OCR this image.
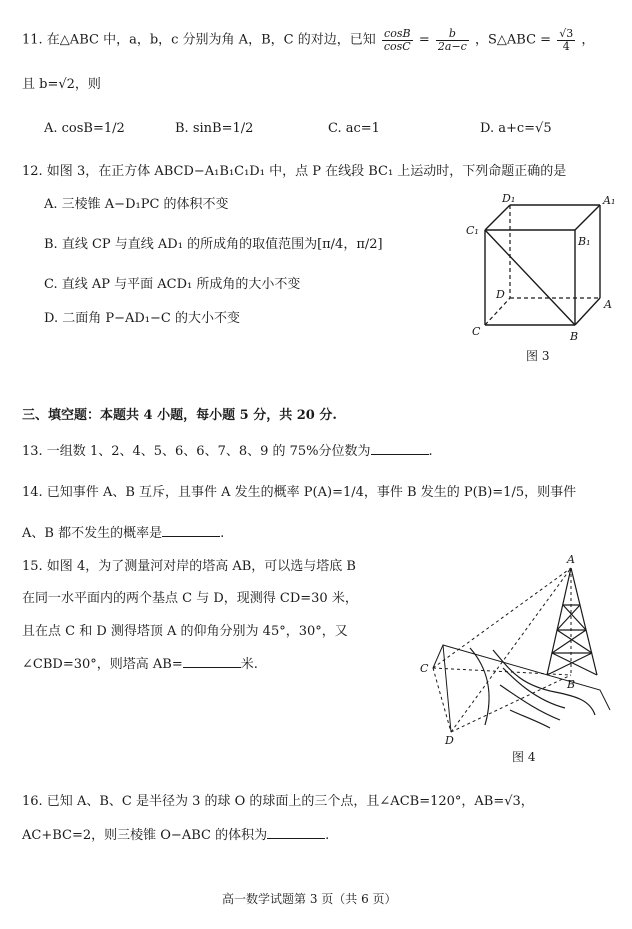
11. 在△ABC 中，a，b，c 分别为角 A，B，C 的对边，已知 $\frac{\cos B}{\cos C} = \frac{b}{2a-c}$ ，S△ABC = $\frac{√3}{4}$ ，
且 b=√2，则
A. cosB=1/2	B. sinB=1/2	C. ac=1	D. a+c=√5
12. 如图 3，在正方体 ABCD−A₁B₁C₁D₁ 中，点 P 在线段 BC₁ 上运动时，下列命题正确的是
A. 三棱锥 A−D₁PC 的体积不变
B. 直线 CP 与直线 AD₁ 的所成角的取值范围为[π/4，π/2]
C. 直线 AP 与平面 ACD₁ 所成角的大小不变
D. 二面角 P−AD₁−C 的大小不变
D₁	A₁
C₁
B₁
D
A
C	B
图 3
三、填空题：本题共 4 小题，每小题 5 分，共 20 分.
13. 一组数 1、2、4、5、6、6、7、8、9 的 75%分位数为	.
14. 已知事件 A、B 互斥，且事件 A 发生的概率 P(A)=1/4，事件 B 发生的 P(B)=1/5，则事件
A、B 都不发生的概率是	.
15. 如图 4，为了测量河对岸的塔高 AB，可以选与塔底 B
在同一水平面内的两个基点 C 与 D，现测得 CD=30 米，
且在点 C 和 D 测得塔顶 A 的仰角分别为 45°，30°，又
∠CBD=30°，则塔高 AB=	米.
A
B
C
D
图 4
16. 已知 A、B、C 是半径为 3 的球 O 的球面上的三个点，且∠ACB=120°，AB=√3，
AC+BC=2，则三棱锥 O−ABC 的体积为	.
高一数学试题第 3 页（共 6 页）
